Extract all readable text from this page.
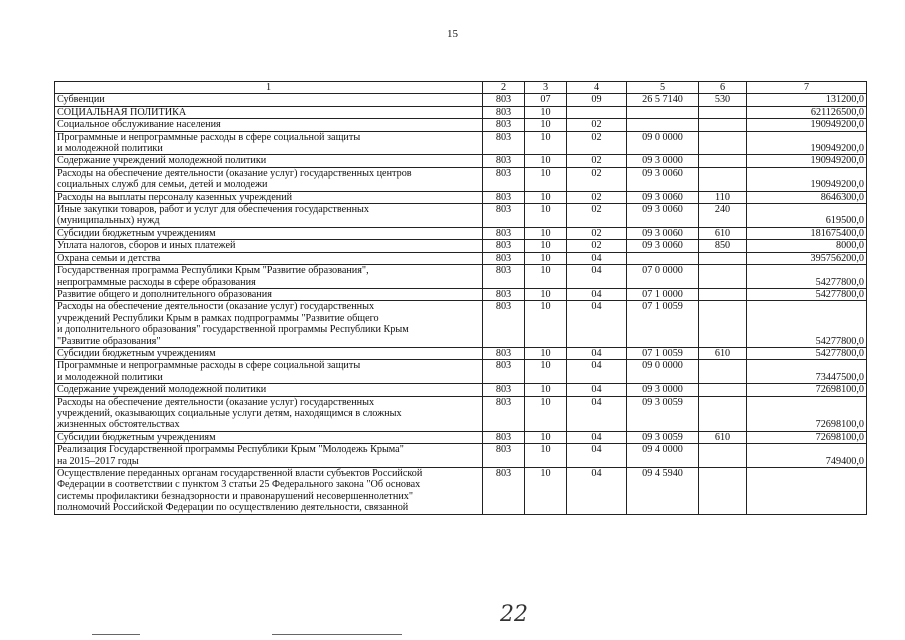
15
1	2	3	4	5	6	7
Субвенции	803	07	09	26 5 7140	530	131200,0
СОЦИАЛЬНАЯ ПОЛИТИКА	803	10				621126500,0
Социальное обслуживание населения	803	10	02			190949200,0
Программные и непрограммные расходы в сфере социальной защиты
и молодежной политики	803	10	02	09 0 0000		190949200,0
Содержание учреждений молодежной политики	803	10	02	09 3 0000		190949200,0
Расходы на обеспечение деятельности (оказание услуг) государственных центров
социальных служб для семьи, детей и молодежи	803	10	02	09 3 0060		190949200,0
Расходы на выплаты персоналу казенных учреждений	803	10	02	09 3 0060	110	8646300,0
Иные закупки товаров, работ и услуг для обеспечения государственных
(муниципальных) нужд	803	10	02	09 3 0060	240	619500,0
Субсидии бюджетным учреждениям	803	10	02	09 3 0060	610	181675400,0
Уплата налогов, сборов и иных платежей	803	10	02	09 3 0060	850	8000,0
Охрана семьи и детства	803	10	04			395756200,0
Государственная программа Республики Крым "Развитие образования",
непрограммные расходы в сфере образования	803	10	04	07 0 0000		54277800,0
Развитие общего и дополнительного образования	803	10	04	07 1 0000		54277800,0
Расходы на обеспечение деятельности (оказание услуг) государственных
учреждений Республики Крым в рамках подпрограммы "Развитие общего
и дополнительного образования" государственной программы Республики Крым
"Развитие образования"	803	10	04	07 1 0059		54277800,0
Субсидии бюджетным учреждениям	803	10	04	07 1 0059	610	54277800,0
Программные и непрограммные расходы в сфере социальной защиты
и молодежной политики	803	10	04	09 0 0000		73447500,0
Содержание учреждений молодежной политики	803	10	04	09 3 0000		72698100,0
Расходы на обеспечение деятельности (оказание услуг) государственных
учреждений, оказывающих социальные услуги детям, находящимся в сложных
жизненных обстоятельствах	803	10	04	09 3 0059		72698100,0
Субсидии бюджетным учреждениям	803	10	04	09 3 0059	610	72698100,0
Реализация Государственной программы Республики Крым "Молодежь Крыма"
на 2015–2017 годы	803	10	04	09 4 0000		749400,0
Осуществление переданных органам государственной власти субъектов Российской
Федерации в соответствии с пунктом 3 статьи 25 Федерального закона "Об основах
системы профилактики безнадзорности и правонарушений несовершеннолетних"
полномочий Российской Федерации по осуществлению деятельности, связанной	803	10	04	09 4 5940		
22
